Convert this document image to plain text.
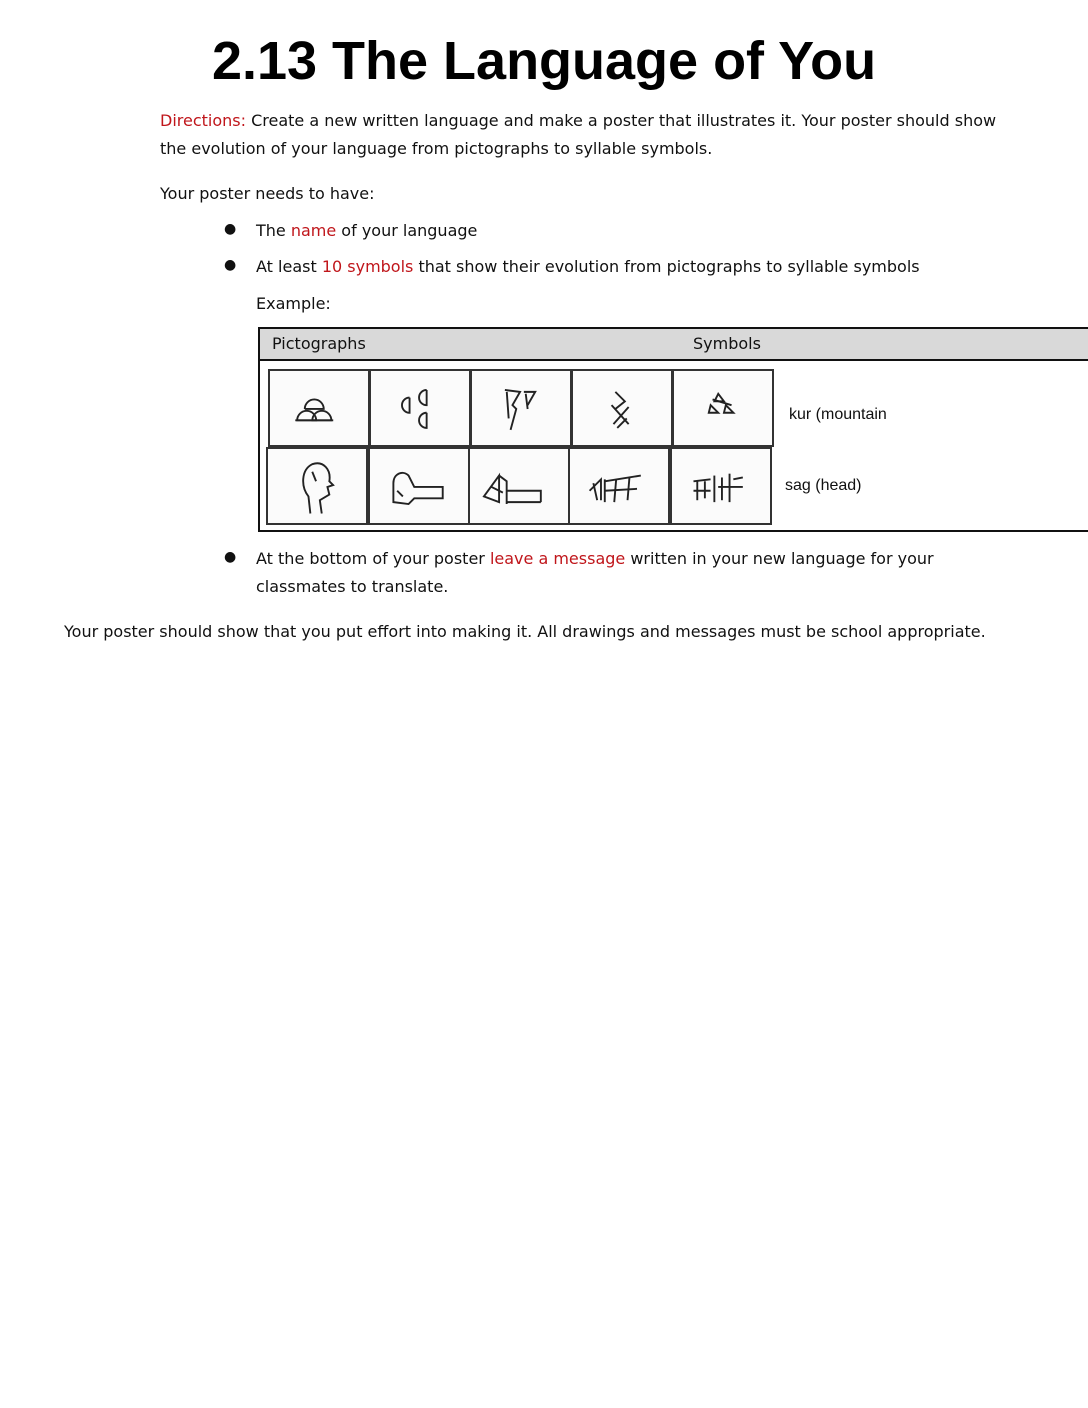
2.13 The Language of You

Directions: Create a new written language and make a poster that illustrates it. Your poster should show the evolution of your language from pictographs to syllable symbols.

Your poster needs to have:

● The name of your language

● At least 10 symbols that show their evolution from pictographs to syllable symbols

Example:

Pictographs	Symbols
kur (mountain
sag (head)
● At the bottom of your poster leave a message written in your new language for your classmates to translate.

Your poster should show that you put effort into making it. All drawings and messages must be school appropriate.
